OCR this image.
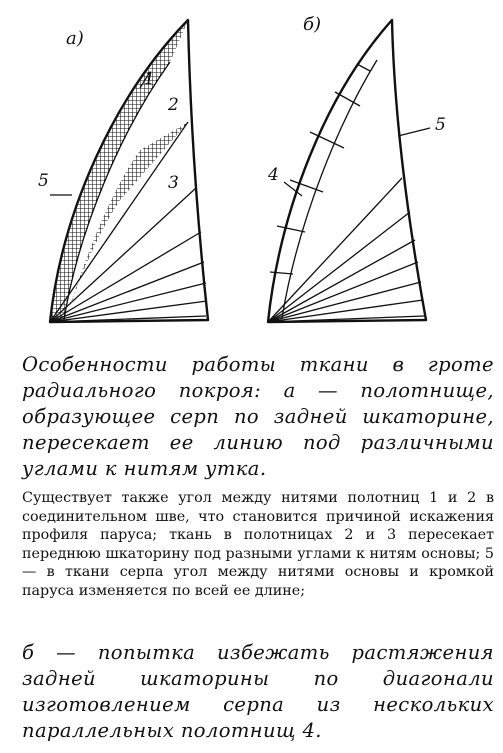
а)
1
2
3
5
б)
4
5
Особенности работы ткани в гроте радиального покроя: а — полотнище, образующее серп по задней шкаторине, пересекает ее линию под различными углами к нитям утка.
Существует также угол между нитями полотниц 1 и 2 в соединительном шве, что становится причиной искажения профиля паруса; ткань в полотницах 2 и 3 пересекает переднюю шкаторину под разными углами к нитям основы; 5 — в ткани серпа угол между нитями основы и кромкой паруса изменяется по всей ее длине;
б — попытка избежать растяжения задней шкаторины по диагонали изготовлением серпа из нескольких параллельных полотнищ 4.
